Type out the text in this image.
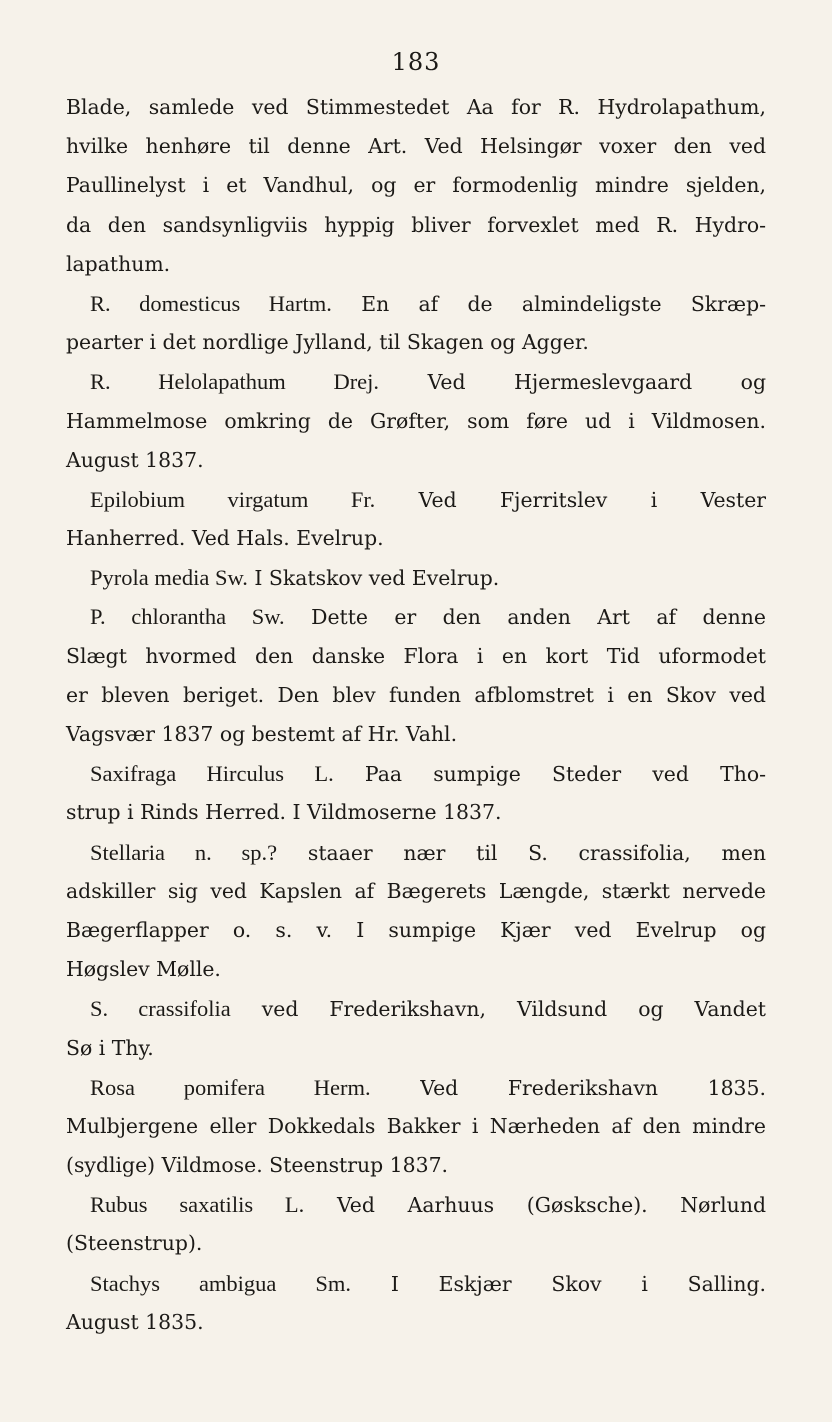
183
Blade, samlede ved Stimmestedet Aa for R. Hydrolapathum,
hvilke henhøre til denne Art. Ved Helsingør voxer den ved
Paullinelyst i et Vandhul, og er formodenlig mindre sjelden,
da den sandsynligviis hyppig bliver forvexlet med R. Hydro-
lapathum.
R. domesticus Hartm. En af de almindeligste Skræp-
pearter i det nordlige Jylland, til Skagen og Agger.
R. Helolapathum Drej. Ved Hjermeslevgaard og
Hammelmose omkring de Grøfter, som føre ud i Vildmosen.
August 1837.
Epilobium virgatum Fr. Ved Fjerritslev i Vester
Hanherred. Ved Hals. Evelrup.
Pyrola media Sw. I Skatskov ved Evelrup.
P. chlorantha Sw. Dette er den anden Art af denne
Slægt hvormed den danske Flora i en kort Tid uformodet
er bleven beriget. Den blev funden afblomstret i en Skov ved
Vagsvær 1837 og bestemt af Hr. Vahl.
Saxifraga Hirculus L. Paa sumpige Steder ved Tho-
strup i Rinds Herred. I Vildmoserne 1837.
Stellaria n. sp.? staaer nær til S. crassifolia, men
adskiller sig ved Kapslen af Bægerets Længde, stærkt nervede
Bægerflapper o. s. v. I sumpige Kjær ved Evelrup og
Høgslev Mølle.
S. crassifolia ved Frederikshavn, Vildsund og Vandet
Sø i Thy.
Rosa pomifera Herm. Ved Frederikshavn 1835.
Mulbjergene eller Dokkedals Bakker i Nærheden af den mindre
(sydlige) Vildmose. Steenstrup 1837.
Rubus saxatilis L. Ved Aarhuus (Gøsksche). Nørlund
(Steenstrup).
Stachys ambigua Sm. I Eskjær Skov i Salling.
August 1835.
